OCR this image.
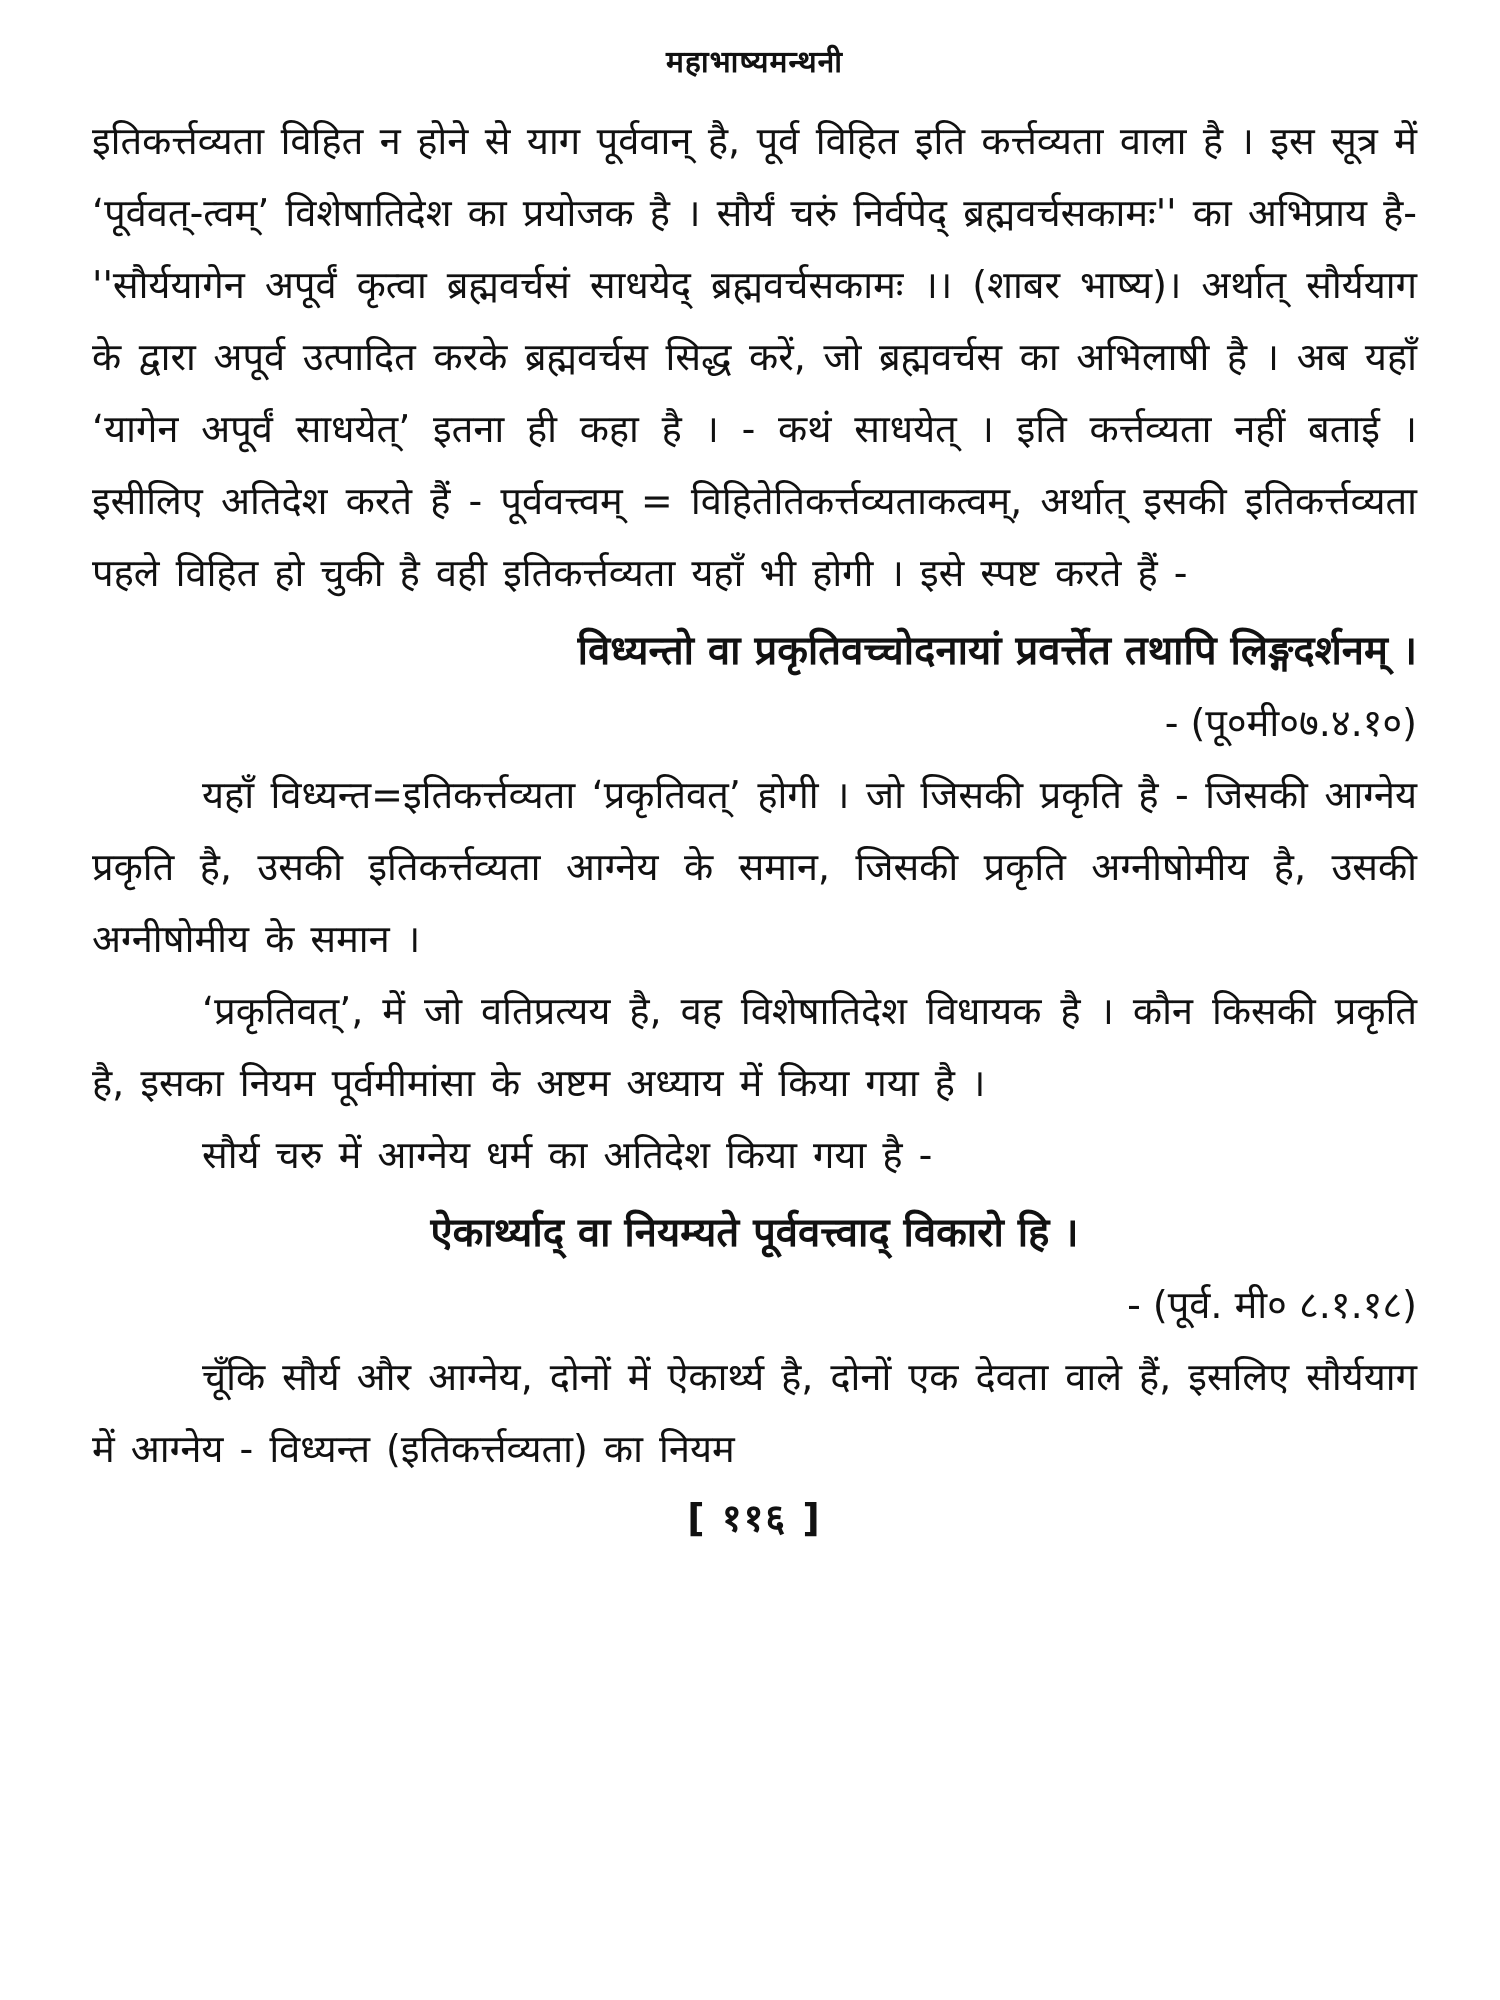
महाभाष्यमन्थनी

इतिकर्त्तव्यता विहित न होने से याग पूर्ववान् है, पूर्व विहित इति कर्त्तव्यता वाला है । इस सूत्र में ‘पूर्ववत्-त्वम्’ विशेषातिदेश का प्रयोजक है । सौर्यं चरुं निर्वपेद् ब्रह्मवर्चसकामः'' का अभिप्राय है-''सौर्ययागेन अपूर्वं कृत्वा ब्रह्मवर्चसं साधयेद् ब्रह्मवर्चसकामः ।। (शाबर भाष्य)। अर्थात् सौर्ययाग के द्वारा अपूर्व उत्पादित करके ब्रह्मवर्चस सिद्ध करें, जो ब्रह्मवर्चस का अभिलाषी है । अब यहाँ ‘यागेन अपूर्वं साधयेत्’ इतना ही कहा है । - कथं साधयेत् । इति कर्त्तव्यता नहीं बताई । इसीलिए अतिदेश करते हैं - पूर्ववत्त्वम् = विहितेतिकर्त्तव्यताकत्वम्, अर्थात् इसकी इतिकर्त्तव्यता पहले विहित हो चुकी है वही इतिकर्त्तव्यता यहाँ भी होगी । इसे स्पष्ट करते हैं -

विध्यन्तो वा प्रकृतिवच्चोदनायां प्रवर्त्तेत तथापि लिङ्गदर्शनम् ।

- (पू०मी०७.४.१०)

यहाँ विध्यन्त=इतिकर्त्तव्यता ‘प्रकृतिवत्’ होगी । जो जिसकी प्रकृति है - जिसकी आग्नेय प्रकृति है, उसकी इतिकर्त्तव्यता आग्नेय के समान, जिसकी प्रकृति अग्नीषोमीय है, उसकी अग्नीषोमीय के समान ।

‘प्रकृतिवत्’, में जो वतिप्रत्यय है, वह विशेषातिदेश विधायक है । कौन किसकी प्रकृति है, इसका नियम पूर्वमीमांसा के अष्टम अध्याय में किया गया है ।

सौर्य चरु में आग्नेय धर्म का अतिदेश किया गया है -

ऐकार्थ्याद् वा नियम्यते पूर्ववत्त्वाद् विकारो हि ।

- (पूर्व. मी० ८.१.१८)

चूँकि सौर्य और आग्नेय, दोनों में ऐकार्थ्य है, दोनों एक देवता वाले हैं, इसलिए सौर्ययाग में आग्नेय - विध्यन्त (इतिकर्त्तव्यता) का नियम

[ ११६ ]
